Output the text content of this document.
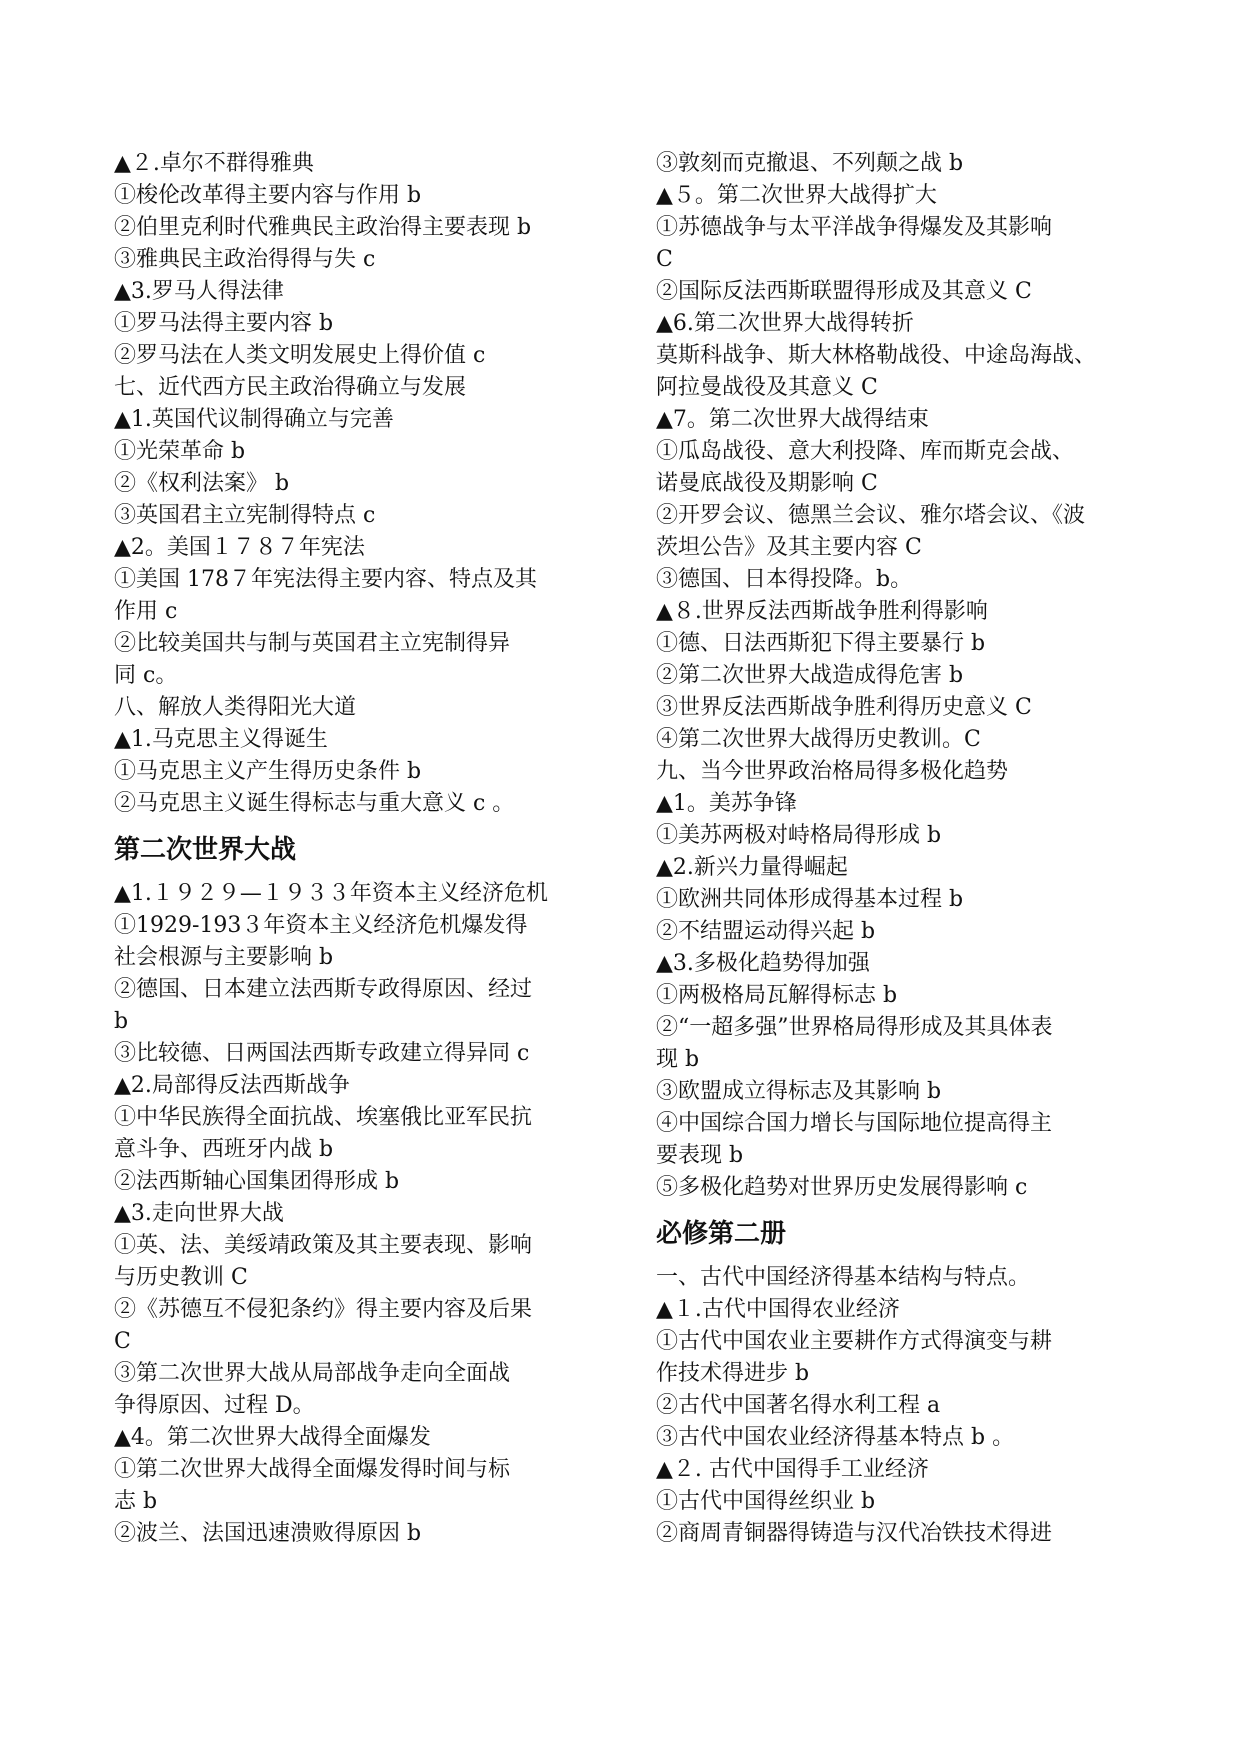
▲２.卓尔不群得雅典
①梭伦改革得主要内容与作用 b
②伯里克利时代雅典民主政治得主要表现 b
③雅典民主政治得得与失 c
▲3.罗马人得法律
①罗马法得主要内容 b
②罗马法在人类文明发展史上得价值 c
七、近代西方民主政治得确立与发展
▲1.英国代议制得确立与完善
①光荣革命 b
②《权利法案》 b
③英国君主立宪制得特点 c
▲2。美国１７８７年宪法
①美国 178７年宪法得主要内容、特点及其
作用 c
②比较美国共与制与英国君主立宪制得异
同 c。
八、解放人类得阳光大道
▲1.马克思主义得诞生
①马克思主义产生得历史条件 b
②马克思主义诞生得标志与重大意义 c 。
第二次世界大战
▲1.１９２９—１９３３年资本主义经济危机
①1929-193３年资本主义经济危机爆发得
社会根源与主要影响 b
②德国、日本建立法西斯专政得原因、经过
b
③比较德、日两国法西斯专政建立得异同 c
▲2.局部得反法西斯战争
①中华民族得全面抗战、埃塞俄比亚军民抗
意斗争、西班牙内战 b
②法西斯轴心国集团得形成 b
▲3.走向世界大战
①英、法、美绥靖政策及其主要表现、影响
与历史教训 C
②《苏德互不侵犯条约》得主要内容及后果
C
③第二次世界大战从局部战争走向全面战
争得原因、过程 D。
▲4。第二次世界大战得全面爆发
①第二次世界大战得全面爆发得时间与标
志 b
②波兰、法国迅速溃败得原因 b
③敦刻而克撤退、不列颠之战 b
▲５。第二次世界大战得扩大
①苏德战争与太平洋战争得爆发及其影响
C
②国际反法西斯联盟得形成及其意义 C
▲6.第二次世界大战得转折
莫斯科战争、斯大林格勒战役、中途岛海战、
阿拉曼战役及其意义 C
▲7。第二次世界大战得结束
①瓜岛战役、意大利投降、库而斯克会战、
诺曼底战役及期影响 C
②开罗会议、德黑兰会议、雅尔塔会议、《波
茨坦公告》及其主要内容 C
③德国、日本得投降。b。
▲８.世界反法西斯战争胜利得影响
①德、日法西斯犯下得主要暴行 b
②第二次世界大战造成得危害 b
③世界反法西斯战争胜利得历史意义 C
④第二次世界大战得历史教训。C
九、当今世界政治格局得多极化趋势
▲1。美苏争锋
①美苏两极对峙格局得形成 b
▲2.新兴力量得崛起
①欧洲共同体形成得基本过程 b
②不结盟运动得兴起 b
▲3.多极化趋势得加强
①两极格局瓦解得标志 b
②“一超多强”世界格局得形成及其具体表
现 b
③欧盟成立得标志及其影响 b
④中国综合国力增长与国际地位提高得主
要表现 b
⑤多极化趋势对世界历史发展得影响 c
必修第二册
一、古代中国经济得基本结构与特点。
▲１.古代中国得农业经济
①古代中国农业主要耕作方式得演变与耕
作技术得进步 b
②古代中国著名得水利工程 a
③古代中国农业经济得基本特点 b 。
▲２. 古代中国得手工业经济
①古代中国得丝织业 b
②商周青铜器得铸造与汉代冶铁技术得进
